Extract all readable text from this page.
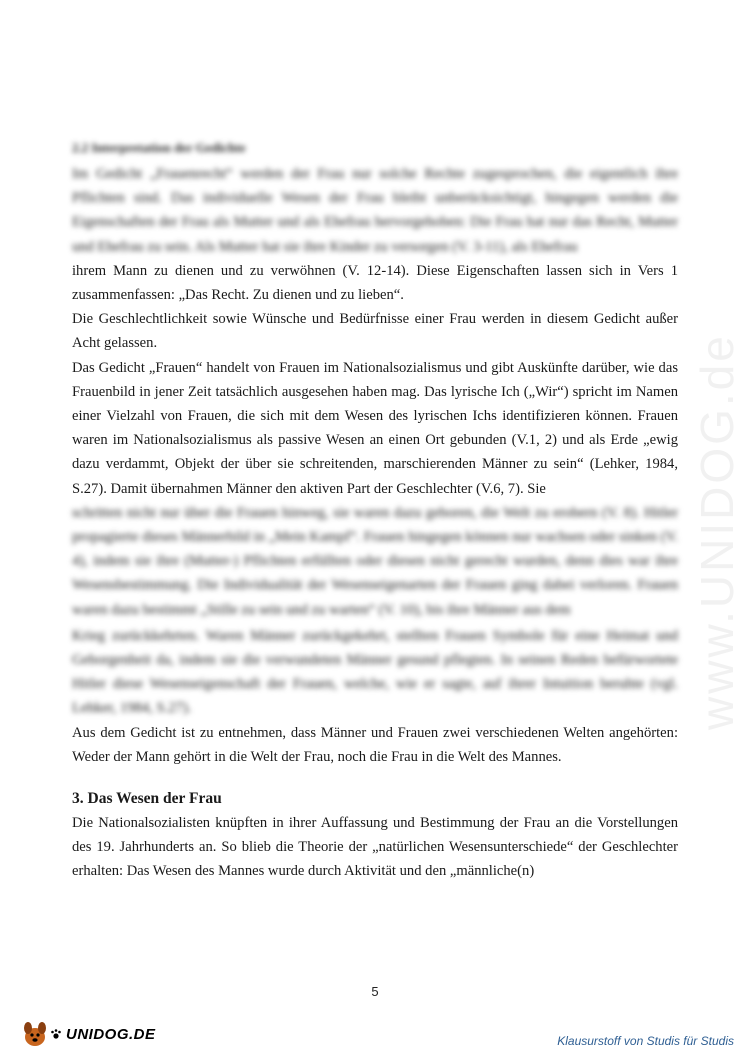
www.UNIDOG.de

2.2 Interpretation der Gedichte

Im Gedicht „Frauenrecht“ werden der Frau nur solche Rechte zugesprochen, die eigentlich ihre Pflichten sind. Das individuelle Wesen der Frau bleibt unberücksichtigt, hingegen werden die Eigenschaften der Frau als Mutter und als Ehefrau hervorgehoben: Die Frau hat nur das Recht, Mutter und Ehefrau zu sein. Als Mutter hat sie ihre Kinder zu versorgen (V. 3-11), als Ehefrau

ihrem Mann zu dienen und zu verwöhnen (V. 12-14). Diese Eigenschaften lassen sich in Vers 1 zusammenfassen: „Das Recht. Zu dienen und zu lieben“.

Die Geschlechtlichkeit sowie Wünsche und Bedürfnisse einer Frau werden in diesem Gedicht außer Acht gelassen.

Das Gedicht „Frauen“ handelt von Frauen im Nationalsozialismus und gibt Auskünfte darüber, wie das Frauenbild in jener Zeit tatsächlich ausgesehen haben mag. Das lyrische Ich („Wir“) spricht im Namen einer Vielzahl von Frauen, die sich mit dem Wesen des lyrischen Ichs identifizieren können. Frauen waren im Nationalsozialismus als passive Wesen an einen Ort gebunden (V.1, 2) und als Erde „ewig dazu verdammt, Objekt der über sie schreitenden, marschierenden Männer zu sein“ (Lehker, 1984, S.27). Damit übernahmen Männer den aktiven Part der Geschlechter (V.6, 7). Sie

schritten nicht nur über die Frauen hinweg, sie waren dazu geboren, die Welt zu erobern (V. 8). Hitler propagierte dieses Männerbild in „Mein Kampf“. Frauen hingegen können nur wachsen oder sinken (V. 4), indem sie ihre (Mutter-) Pflichten erfüllten oder diesen nicht gerecht wurden, denn dies war ihre Wesensbestimmung. Die Individualität der Wesenseigenarten der Frauen ging dabei verloren. Frauen waren dazu bestimmt „Stille zu sein und zu warten“ (V. 10), bis ihre Männer aus dem

Krieg zurückkehrten. Waren Männer zurückgekehrt, stellten Frauen Symbole für eine Heimat und Geborgenheit da, indem sie die verwundeten Männer gesund pflegten. In seinen Reden befürwortete Hitler diese Wesenseigenschaft der Frauen, welche, wie er sagte, auf ihrer Intuition beruhte (vgl. Lehker, 1984, S.27).

Aus dem Gedicht ist zu entnehmen, dass Männer und Frauen zwei verschiedenen Welten angehörten: Weder der Mann gehört in die Welt der Frau, noch die Frau in die Welt des Mannes.

3. Das Wesen der Frau

Die Nationalsozialisten knüpften in ihrer Auffassung und Bestimmung der Frau an die Vorstellungen des 19. Jahrhunderts an. So blieb die Theorie der „natürlichen Wesensunterschiede“ der Geschlechter erhalten: Das Wesen des Mannes wurde durch Aktivität und den „männliche(n)

5
UNIDOG.DE	Klausurstoff von Studis für Studis
